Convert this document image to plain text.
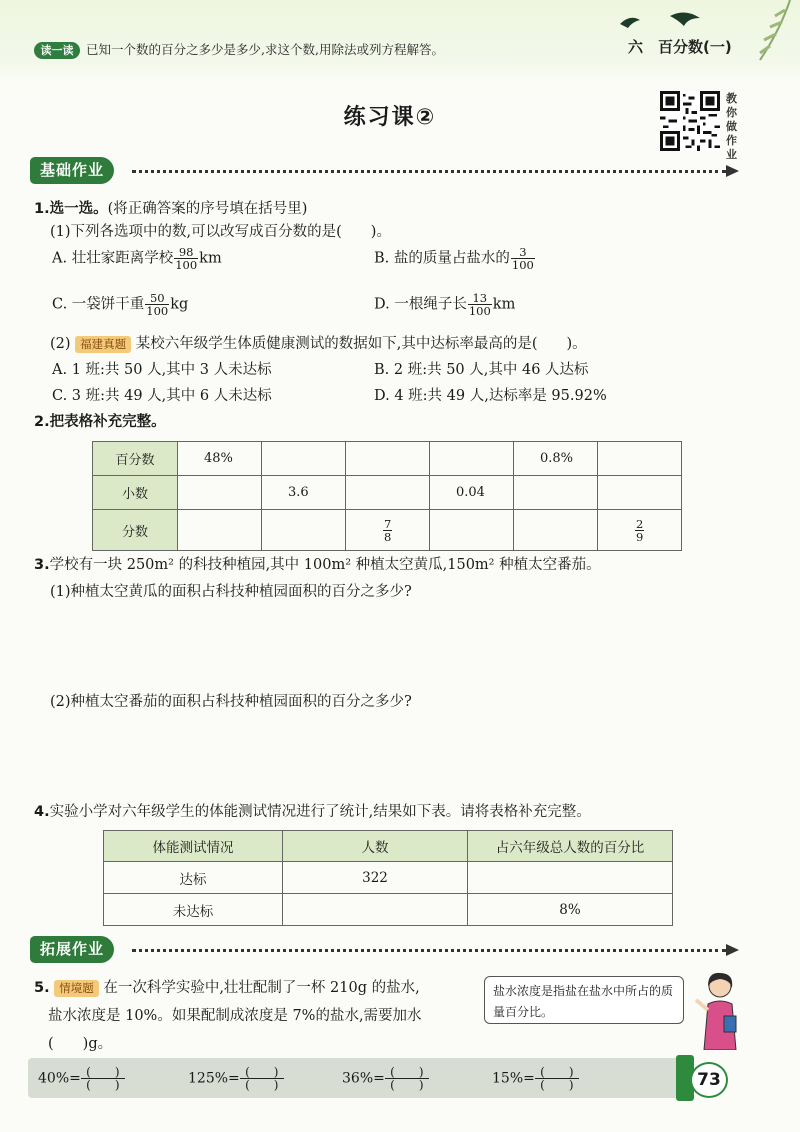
读一读	已知一个数的百分之多少是多少,求这个数,用除法或列方程解答。	六　百分数(一)
练习课②
教你做作业
基础作业
1.选一选。(将正确答案的序号填在括号里)
(1)下列各选项中的数,可以改写成百分数的是(　　)。
A. 壮壮家距离学校 $\frac{98}{100}$ km	B. 盐的质量占盐水的 $\frac{3}{100}$
C. 一袋饼干重 $\frac{50}{100}$ kg	D. 一根绳子长 $\frac{13}{100}$ km
(2) 福建真题 某校六年级学生体质健康测试的数据如下,其中达标率最高的是(　　)。
A. 1 班:共 50 人,其中 3 人未达标	B. 2 班:共 50 人,其中 46 人达标
C. 3 班:共 49 人,其中 6 人未达标	D. 4 班:共 49 人,达标率是 95.92%
2.把表格补充完整。
百分数	48%				0.8%	
小数		3.6		0.04		
分数			$\frac{7}{8}$			$\frac{2}{9}$
3.学校有一块 250m² 的科技种植园,其中 100m² 种植太空黄瓜,150m² 种植太空番茄。
(1)种植太空黄瓜的面积占科技种植园面积的百分之多少?
(2)种植太空番茄的面积占科技种植园面积的百分之多少?
4.实验小学对六年级学生的体能测试情况进行了统计,结果如下表。请将表格补充完整。
体能测试情况	人数	占六年级总人数的百分比
达标	322	
未达标		8%
拓展作业
5. 情境题 在一次科学实验中,壮壮配制了一杯 210g 的盐水,
盐水浓度是 10%。如果配制成浓度是 7%的盐水,需要加水
(　　)g。
盐水浓度是指盐在盐水中所占的质量百分比。
40%= (　　)
(　　)	125%= (　　)
(　　)	36%= (　　)
(　　)	15%= (　　)
(　　)	73
